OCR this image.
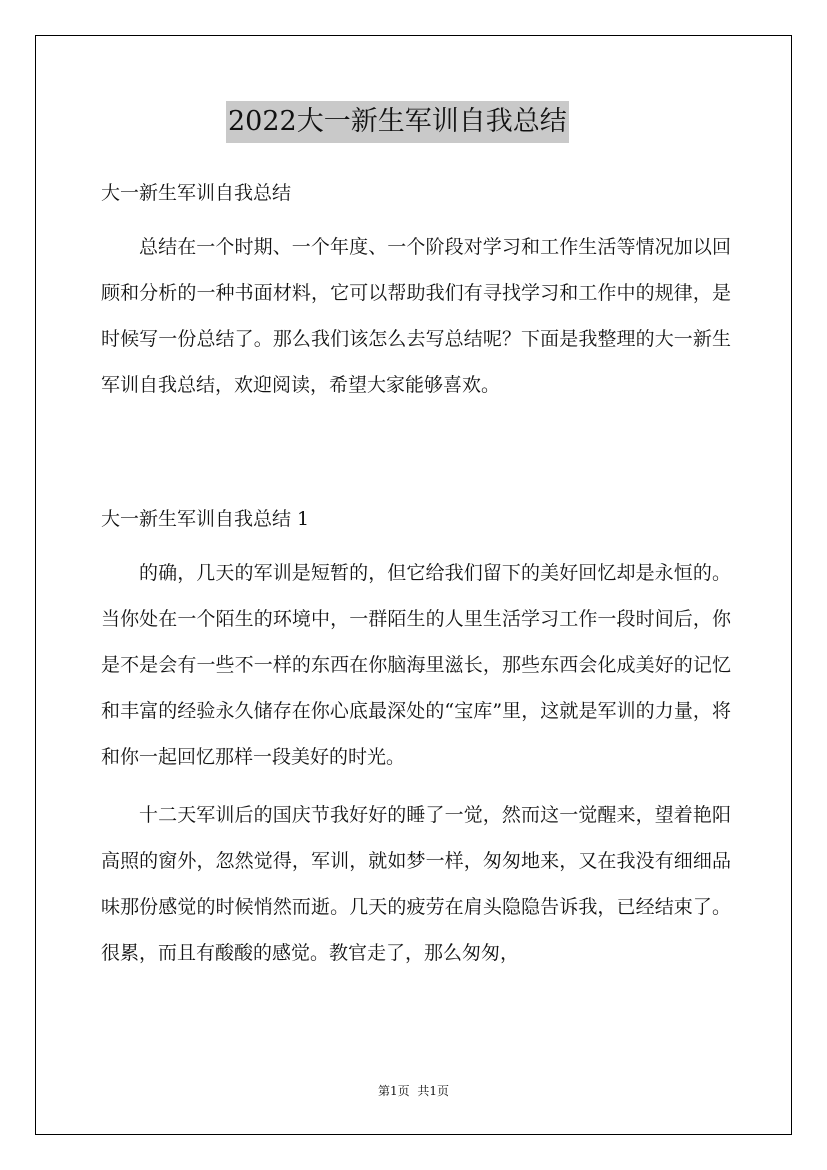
2022大一新生军训自我总结
大一新生军训自我总结

总结在一个时期、一个年度、一个阶段对学习和工作生活等情况加以回顾和分析的一种书面材料，它可以帮助我们有寻找学习和工作中的规律，是时候写一份总结了。那么我们该怎么去写总结呢？下面是我整理的大一新生军训自我总结，欢迎阅读，希望大家能够喜欢。

大一新生军训自我总结 1

的确，几天的军训是短暂的，但它给我们留下的美好回忆却是永恒的。当你处在一个陌生的环境中，一群陌生的人里生活学习工作一段时间后，你是不是会有一些不一样的东西在你脑海里滋长，那些东西会化成美好的记忆和丰富的经验永久储存在你心底最深处的“宝库”里，这就是军训的力量，将和你一起回忆那样一段美好的时光。

十二天军训后的国庆节我好好的睡了一觉，然而这一觉醒来，望着艳阳高照的窗外，忽然觉得，军训，就如梦一样，匆匆地来，又在我没有细细品味那份感觉的时候悄然而逝。几天的疲劳在肩头隐隐告诉我，已经结束了。很累，而且有酸酸的感觉。教官走了，那么匆匆，

第1页 共1页
